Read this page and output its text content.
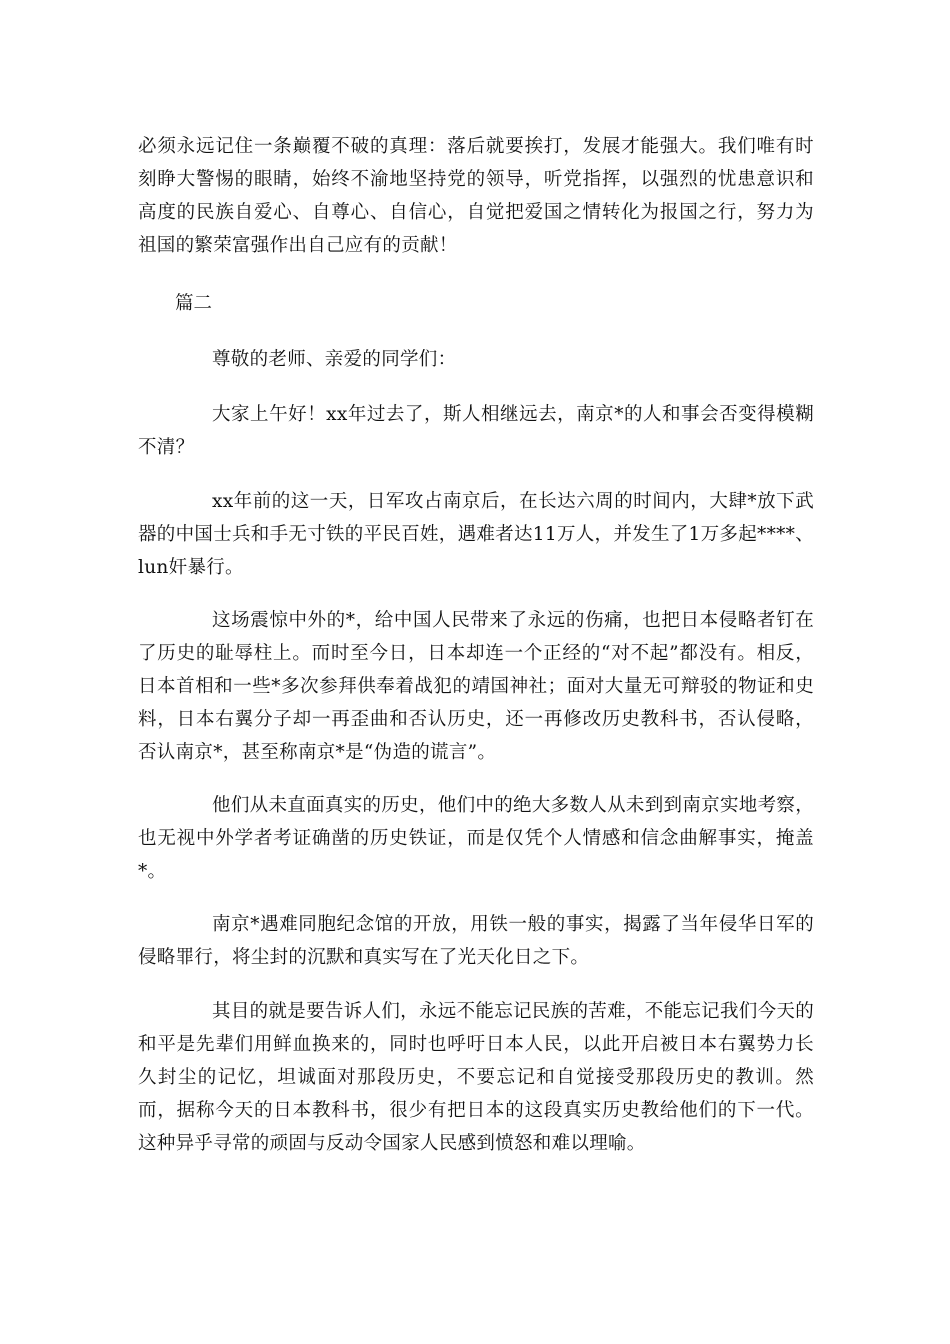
必须永远记住一条巅覆不破的真理：落后就要挨打，发展才能强大。我们唯有时刻睁大警惕的眼睛，始终不渝地坚持党的领导，听党指挥，以强烈的忧患意识和高度的民族自爱心、自尊心、自信心，自觉把爱国之情转化为报国之行，努力为祖国的繁荣富强作出自己应有的贡献！
篇二
尊敬的老师、亲爱的同学们：
大家上午好！xx年过去了，斯人相继远去，南京*的人和事会否变得模糊不清？
xx年前的这一天，日军攻占南京后，在长达六周的时间内，大肆*放下武器的中国士兵和手无寸铁的平民百姓，遇难者达11万人，并发生了1万多起****、lun奸暴行。
这场震惊中外的*，给中国人民带来了永远的伤痛，也把日本侵略者钉在了历史的耻辱柱上。而时至今日，日本却连一个正经的“对不起”都没有。相反，日本首相和一些*多次参拜供奉着战犯的靖国神社；面对大量无可辩驳的物证和史料，日本右翼分子却一再歪曲和否认历史，还一再修改历史教科书，否认侵略，否认南京*，甚至称南京*是“伪造的谎言”。
他们从未直面真实的历史，他们中的绝大多数人从未到到南京实地考察，也无视中外学者考证确凿的历史铁证，而是仅凭个人情感和信念曲解事实，掩盖*。
南京*遇难同胞纪念馆的开放，用铁一般的事实，揭露了当年侵华日军的侵略罪行，将尘封的沉默和真实写在了光天化日之下。
其目的就是要告诉人们，永远不能忘记民族的苦难，不能忘记我们今天的和平是先辈们用鲜血换来的，同时也呼吁日本人民，以此开启被日本右翼势力长久封尘的记忆，坦诚面对那段历史，不要忘记和自觉接受那段历史的教训。然而，据称今天的日本教科书，很少有把日本的这段真实历史教给他们的下一代。这种异乎寻常的顽固与反动令国家人民感到愤怒和难以理喻。
